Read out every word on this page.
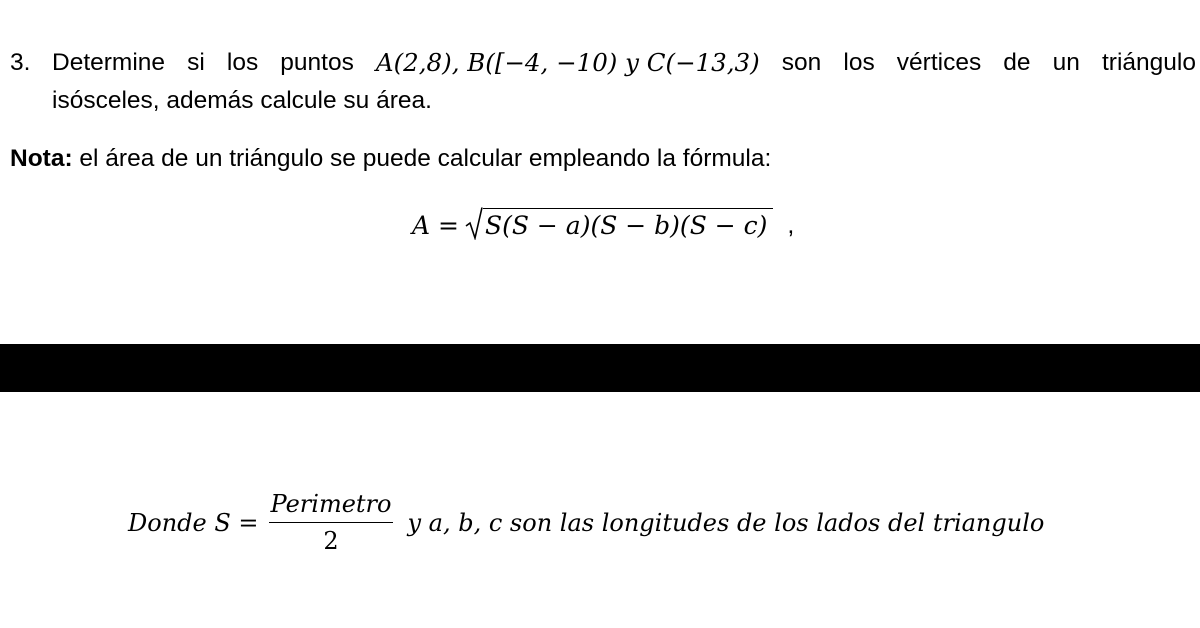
3. Determine si los puntos A(2,8), B([−4, −10) y C(−13,3) son los vértices de un triángulo
isósceles, además calcule su área.
Nota: el área de un triángulo se puede calcular empleando la fórmula:
A = S(S − a)(S − b)(S − c) ,
Donde $S = \frac{\text{Perimetro}}{2}$ y a, b, c son las longitudes de los lados del triangulo
